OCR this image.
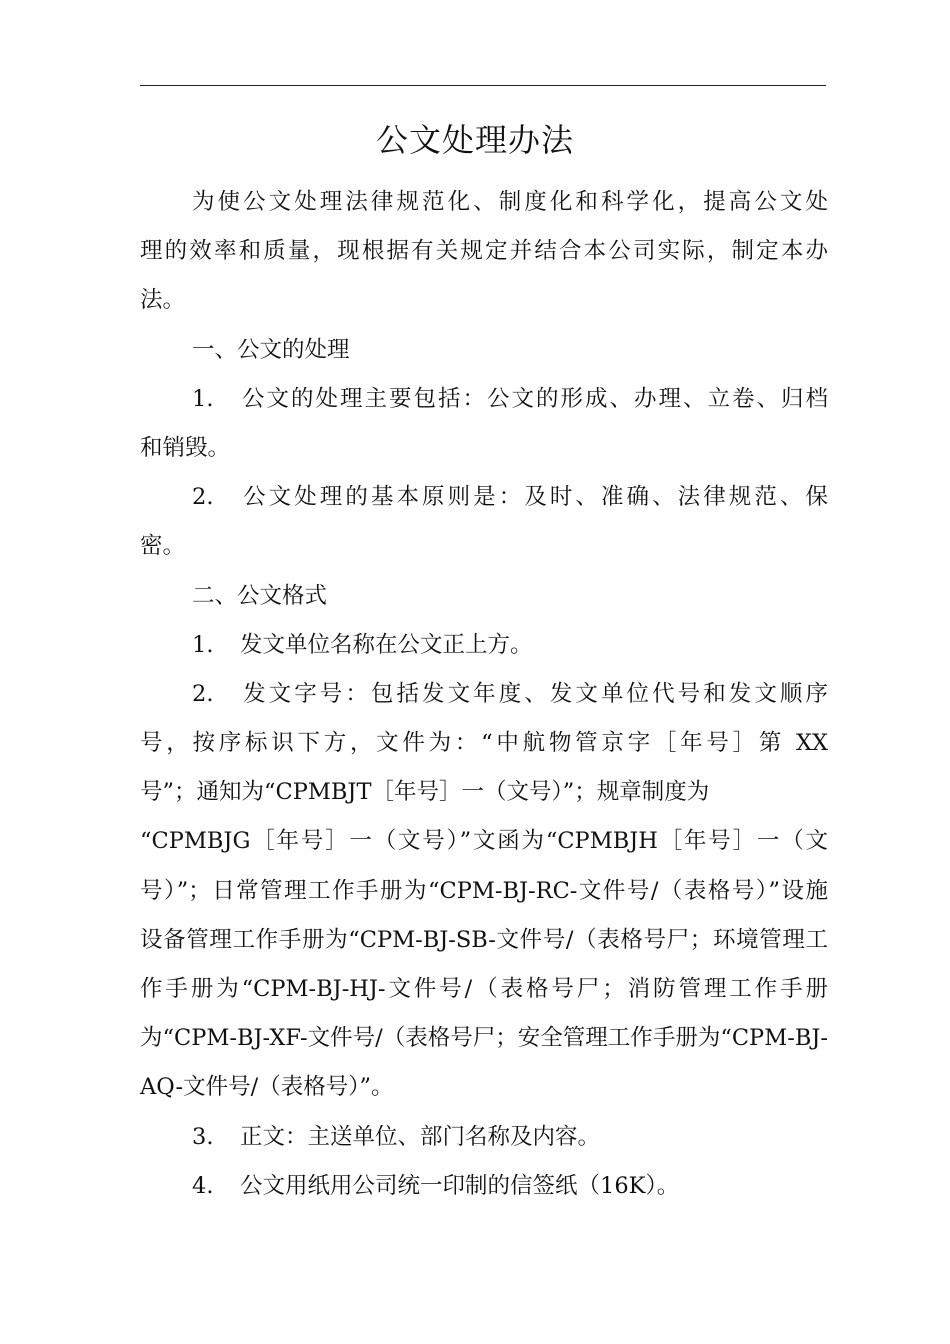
公文处理办法
为使公文处理法律规范化、制度化和科学化，提高公文处
理的效率和质量，现根据有关规定并结合本公司实际，制定本办
法。
一、公文的处理
1. 公文的处理主要包括：公文的形成、办理、立卷、归档
和销毁。
2. 公文处理的基本原则是：及时、准确、法律规范、保
密。
二、公文格式
1. 发文单位名称在公文正上方。
2. 发文字号：包括发文年度、发文单位代号和发文顺序
号，按序标识下方，文件为：“中航物管京字［年号］第 XX
号”；通知为“CPMBJT［年号］一（文号）”；规章制度为
“CPMBJG［年号］一（文号）”文函为“CPMBJH［年号］一（文
号）”；日常管理工作手册为“CPM-BJ-RC-文件号/（表格号）”设施
设备管理工作手册为“CPM-BJ-SB-文件号/（表格号尸；环境管理工
作手册为“CPM-BJ-HJ-文件号/（表格号尸；消防管理工作手册
为“CPM-BJ-XF-文件号/（表格号尸；安全管理工作手册为“CPM-BJ-
AQ-文件号/（表格号）”。
3. 正文：主送单位、部门名称及内容。
4. 公文用纸用公司统一印制的信签纸（16K）。
